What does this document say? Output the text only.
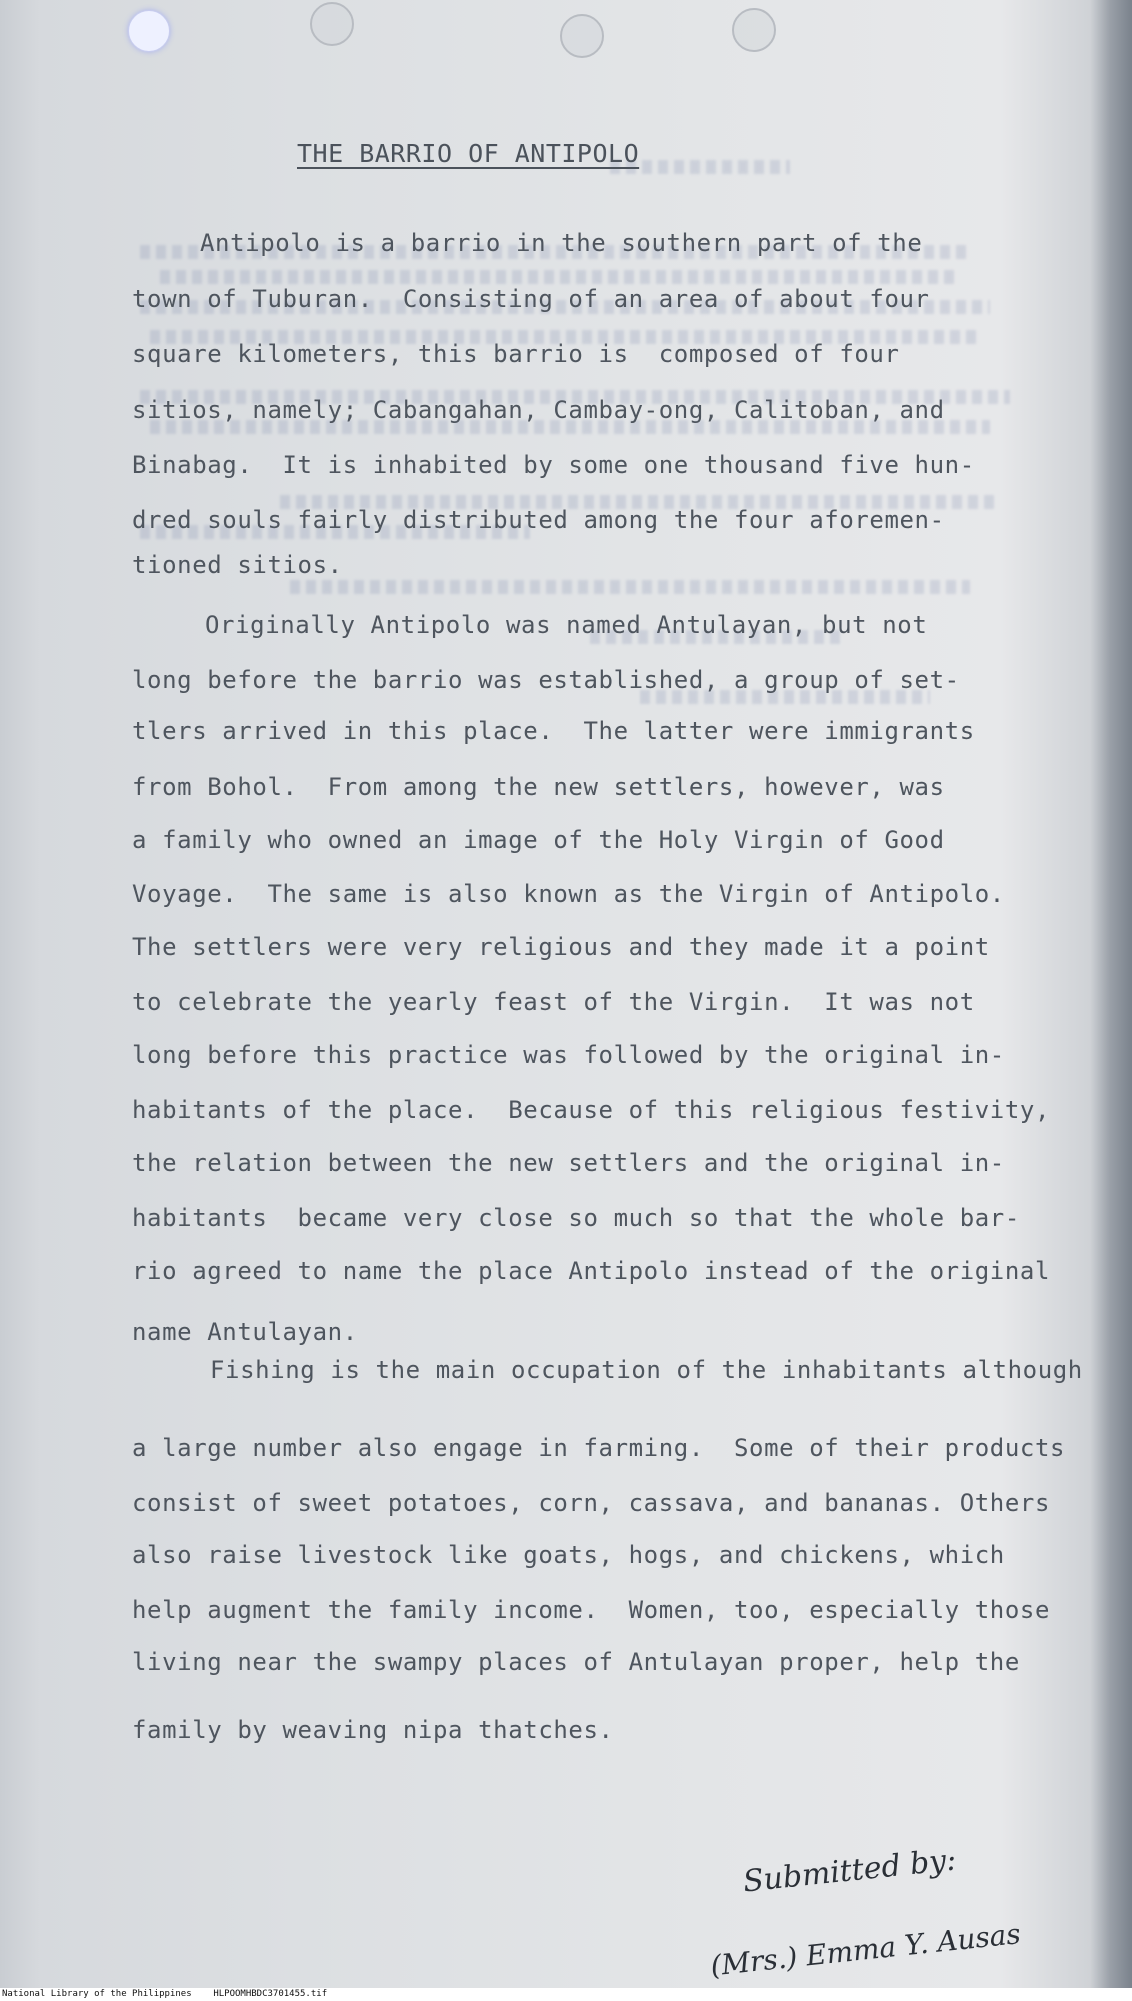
THE BARRIO OF ANTIPOLO
Antipolo is a barrio in the southern part of the
town of Tuburan.  Consisting of an area of about four
square kilometers, this barrio is  composed of four
sitios, namely; Cabangahan, Cambay-ong, Calitoban, and
Binabag.  It is inhabited by some one thousand five hun-
dred souls fairly distributed among the four aforemen-
tioned sitios.
Originally Antipolo was named Antulayan, but not
long before the barrio was established, a group of set-
tlers arrived in this place.  The latter were immigrants
from Bohol.  From among the new settlers, however, was
a family who owned an image of the Holy Virgin of Good
Voyage.  The same is also known as the Virgin of Antipolo.
The settlers were very religious and they made it a point
to celebrate the yearly feast of the Virgin.  It was not
long before this practice was followed by the original in-
habitants of the place.  Because of this religious festivity,
the relation between the new settlers and the original in-
habitants  became very close so much so that the whole bar-
rio agreed to name the place Antipolo instead of the original
name Antulayan.
Fishing is the main occupation of the inhabitants although
a large number also engage in farming.  Some of their products
consist of sweet potatoes, corn, cassava, and bananas. Others
also raise livestock like goats, hogs, and chickens, which
help augment the family income.  Women, too, especially those
living near the swampy places of Antulayan proper, help the
family by weaving nipa thatches.

Submitted by:

(Mrs.) Emma Y. Ausas

National Library of the Philippines    HLPOOMHBDC3701455.tif
